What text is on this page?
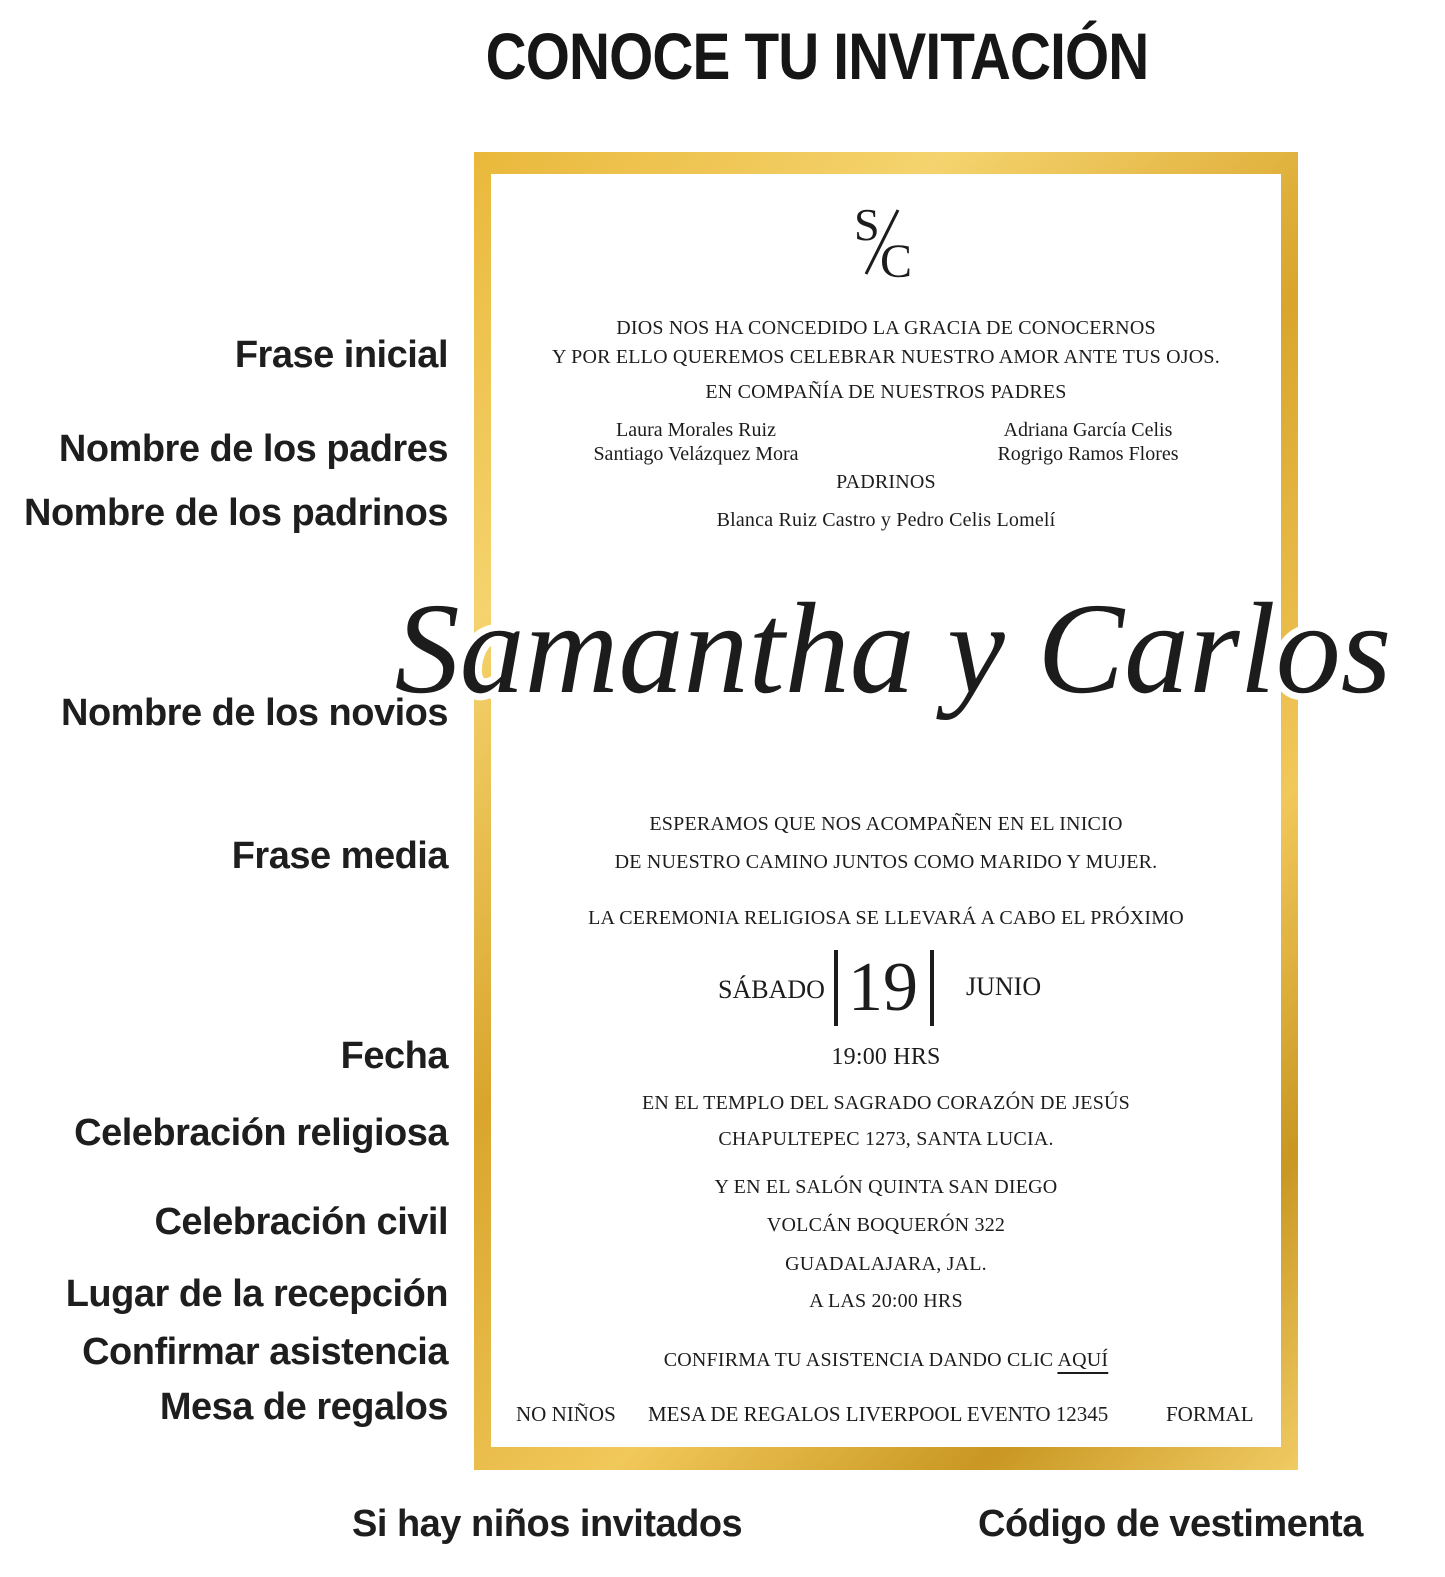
CONOCE TU INVITACIÓN
Frase inicial
Nombre de los padres
Nombre de los padrinos
Nombre de los novios
Frase media
Fecha
Celebración religiosa
Celebración civil
Lugar de la recepción
Confirmar asistencia
Mesa de regalos
Si hay niños invitados	Código de vestimenta
S
C
DIOS NOS HA CONCEDIDO LA GRACIA DE CONOCERNOS
Y POR ELLO QUEREMOS CELEBRAR NUESTRO AMOR ANTE TUS OJOS.
EN COMPAÑÍA DE NUESTROS PADRES
Laura Morales Ruiz
Santiago Velázquez Mora
Adriana García Celis
Rogrigo Ramos Flores
PADRINOS
Blanca Ruiz Castro y Pedro Celis Lomelí
Samantha y Carlos
ESPERAMOS QUE NOS ACOMPAÑEN EN EL INICIO
DE NUESTRO CAMINO JUNTOS COMO MARIDO Y MUJER.
LA CEREMONIA RELIGIOSA SE LLEVARÁ A CABO EL PRÓXIMO
SÁBADO 19 JUNIO
19:00 HRS
EN EL TEMPLO DEL SAGRADO CORAZÓN DE JESÚS
CHAPULTEPEC 1273, SANTA LUCIA.
Y EN EL SALÓN QUINTA SAN DIEGO
VOLCÁN BOQUERÓN 322
GUADALAJARA, JAL.
A LAS 20:00 HRS
CONFIRMA TU ASISTENCIA DANDO CLIC AQUÍ
NO NIÑOS MESA DE REGALOS LIVERPOOL EVENTO 12345	FORMAL
